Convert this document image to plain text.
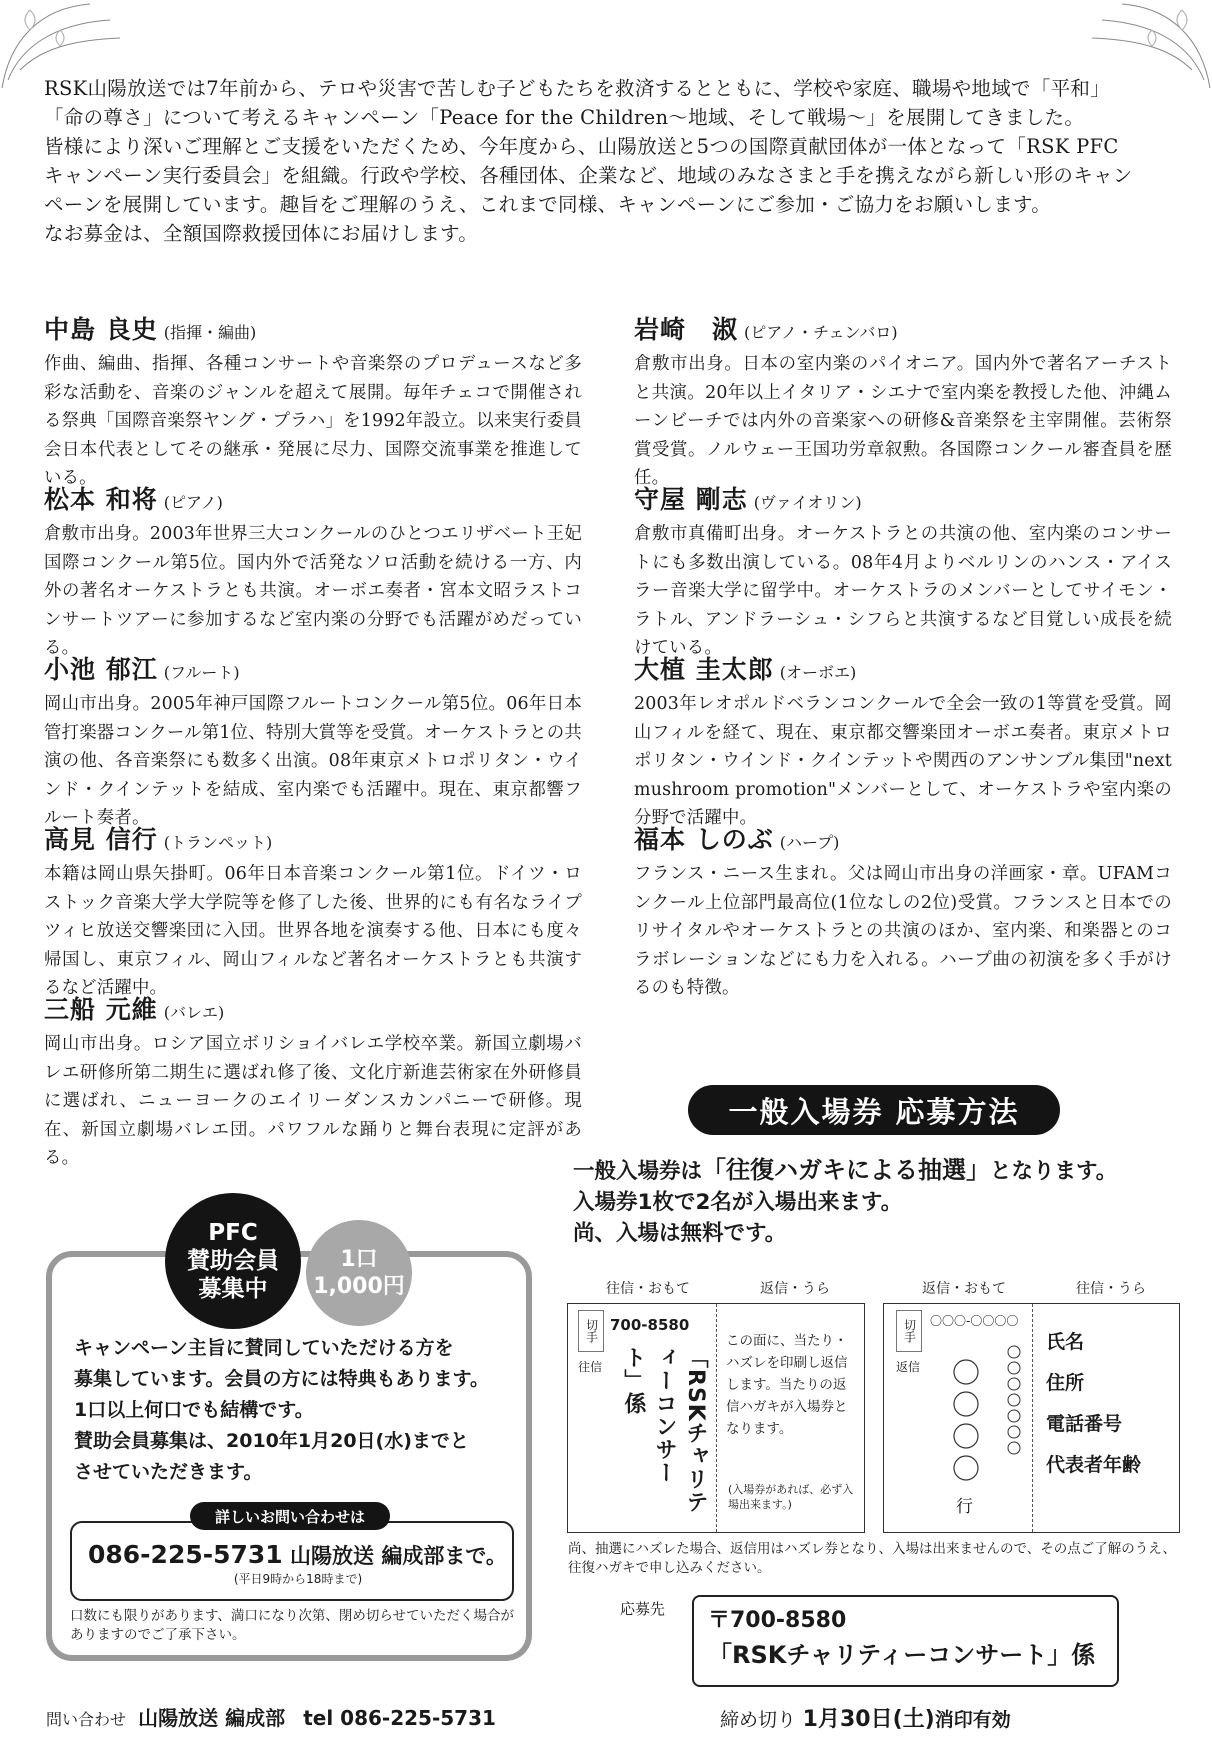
RSK山陽放送では7年前から、テロや災害で苦しむ子どもたちを救済するとともに、学校や家庭、職場や地域で「平和」

「命の尊さ」について考えるキャンペーン「Peace for the Children～地域、そして戦場～」を展開してきました。

皆様により深いご理解とご支援をいただくため、今年度から、山陽放送と5つの国際貢献団体が一体となって「RSK PFC

キャンペーン実行委員会」を組織。行政や学校、各種団体、企業など、地域のみなさまと手を携えながら新しい形のキャン

ペーンを展開しています。趣旨をご理解のうえ、これまで同様、キャンペーンにご参加・ご協力をお願いします。

なお募金は、全額国際救援団体にお届けします。

中島 良史 (指揮・編曲)
作曲、編曲、指揮、各種コンサートや音楽祭のプロデュースなど多彩な活動を、音楽のジャンルを超えて展開。毎年チェコで開催される祭典「国際音楽祭ヤング・プラハ」を1992年設立。以来実行委員会日本代表としてその継承・発展に尽力、国際交流事業を推進している。
松本 和将 (ピアノ)
倉敷市出身。2003年世界三大コンクールのひとつエリザベート王妃国際コンクール第5位。国内外で活発なソロ活動を続ける一方、内外の著名オーケストラとも共演。オーボエ奏者・宮本文昭ラストコンサートツアーに参加するなど室内楽の分野でも活躍がめだっている。
小池 郁江 (フルート)
岡山市出身。2005年神戸国際フルートコンクール第5位。06年日本管打楽器コンクール第1位、特別大賞等を受賞。オーケストラとの共演の他、各音楽祭にも数多く出演。08年東京メトロポリタン・ウインド・クインテットを結成、室内楽でも活躍中。現在、東京都響フルート奏者。
高見 信行 (トランペット)
本籍は岡山県矢掛町。06年日本音楽コンクール第1位。ドイツ・ロストック音楽大学大学院等を修了した後、世界的にも有名なライプツィヒ放送交響楽団に入団。世界各地を演奏する他、日本にも度々帰国し、東京フィル、岡山フィルなど著名オーケストラとも共演するなど活躍中。
三船 元維 (バレエ)
岡山市出身。ロシア国立ボリショイバレエ学校卒業。新国立劇場バレエ研修所第二期生に選ばれ修了後、文化庁新進芸術家在外研修員に選ばれ、ニューヨークのエイリーダンスカンパニーで研修。現在、新国立劇場バレエ団。パワフルな踊りと舞台表現に定評がある。
岩崎　淑 (ピアノ・チェンバロ)
倉敷市出身。日本の室内楽のパイオニア。国内外で著名アーチストと共演。20年以上イタリア・シエナで室内楽を教授した他、沖縄ムーンビーチでは内外の音楽家への研修&音楽祭を主宰開催。芸術祭賞受賞。ノルウェー王国功労章叙勲。各国際コンクール審査員を歴任。
守屋 剛志 (ヴァイオリン)
倉敷市真備町出身。オーケストラとの共演の他、室内楽のコンサートにも多数出演している。08年4月よりベルリンのハンス・アイスラー音楽大学に留学中。オーケストラのメンバーとしてサイモン・ラトル、アンドラーシュ・シフらと共演するなど目覚しい成長を続けている。
大植 圭太郎 (オーボエ)
2003年レオポルドベランコンクールで全会一致の1等賞を受賞。岡山フィルを経て、現在、東京都交響楽団オーボエ奏者。東京メトロポリタン・ウインド・クインテットや関西のアンサンブル集団"next mushroom promotion"メンバーとして、オーケストラや室内楽の分野で活躍中。
福本 しのぶ (ハープ)
フランス・ニース生まれ。父は岡山市出身の洋画家・章。UFAMコンクール上位部門最高位(1位なしの2位)受賞。フランスと日本でのリサイタルやオーケストラとの共演のほか、室内楽、和楽器とのコラボレーションなどにも力を入れる。ハープ曲の初演を多く手がけるのも特徴。
一般入場券 応募方法
一般入場券は「往復ハガキによる抽選」となります。
入場券1枚で2名が入場出来ます。
尚、入場は無料です。
往信・おもて	返信・うら
切手 700-8580
往信	「RSKチャリティーコンサート」係
この面に、当たり・ハズレを印刷し返信します。当たりの返信ハガキが入場券となります。
(入場券があれば、必ず入場出来ます。)
返信・おもて	往信・うら
切手 〇〇〇-〇〇〇〇
返信
行
氏名
住所
電話番号
代表者年齢
尚、抽選にハズレた場合、返信用はハズレ券となり、入場は出来ませんので、その点ご了解のうえ、往復ハガキで申し込みください。
応募先 〒700-8580
「RSKチャリティーコンサート」係
締め切り 1月30日(土)消印有効
PFC
賛助会員
募集中
1口
1,000円
キャンペーン主旨に賛同していただける方を
募集しています。会員の方には特典もあります。
1口以上何口でも結構です。
賛助会員募集は、2010年1月20日(水)までと
させていただきます。
詳しいお問い合わせは
086-225-5731 山陽放送 編成部まで。
(平日9時から18時まで)
口数にも限りがあります、満口になり次第、閉め切らせていただく場合がありますのでご了承下さい。
問い合わせ 山陽放送 編成部 tel 086-225-5731
